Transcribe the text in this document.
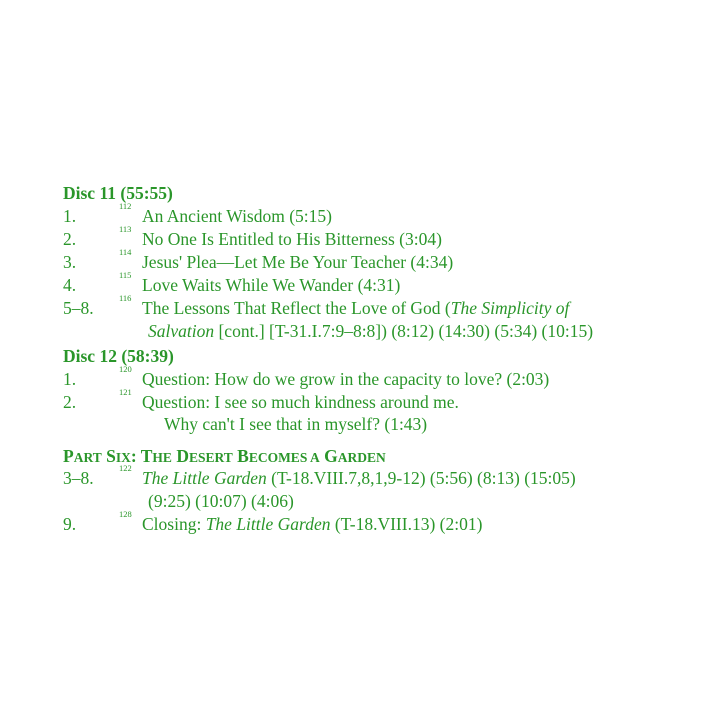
Disc 11 (55:55)
1.	112 An Ancient Wisdom (5:15)
2.	113 No One Is Entitled to His Bitterness (3:04)
3.	114 Jesus' Plea—Let Me Be Your Teacher (4:34)
4.	115 Love Waits While We Wander (4:31)
5–8.	116 The Lessons That Reflect the Love of God (The Simplicity of
Salvation [cont.] [T-31.I.7:9–8:8]) (8:12) (14:30) (5:34) (10:15)
Disc 12 (58:39)
1.	120 Question: How do we grow in the capacity to love? (2:03)
2.	121 Question: I see so much kindness around me.
Why can't I see that in myself? (1:43)
PART SIX: THE DESERT BECOMES A GARDEN
3–8.	122 The Little Garden (T-18.VIII.7,8,1,9-12) (5:56) (8:13) (15:05)
(9:25) (10:07) (4:06)
9.	128 Closing: The Little Garden (T-18.VIII.13) (2:01)
